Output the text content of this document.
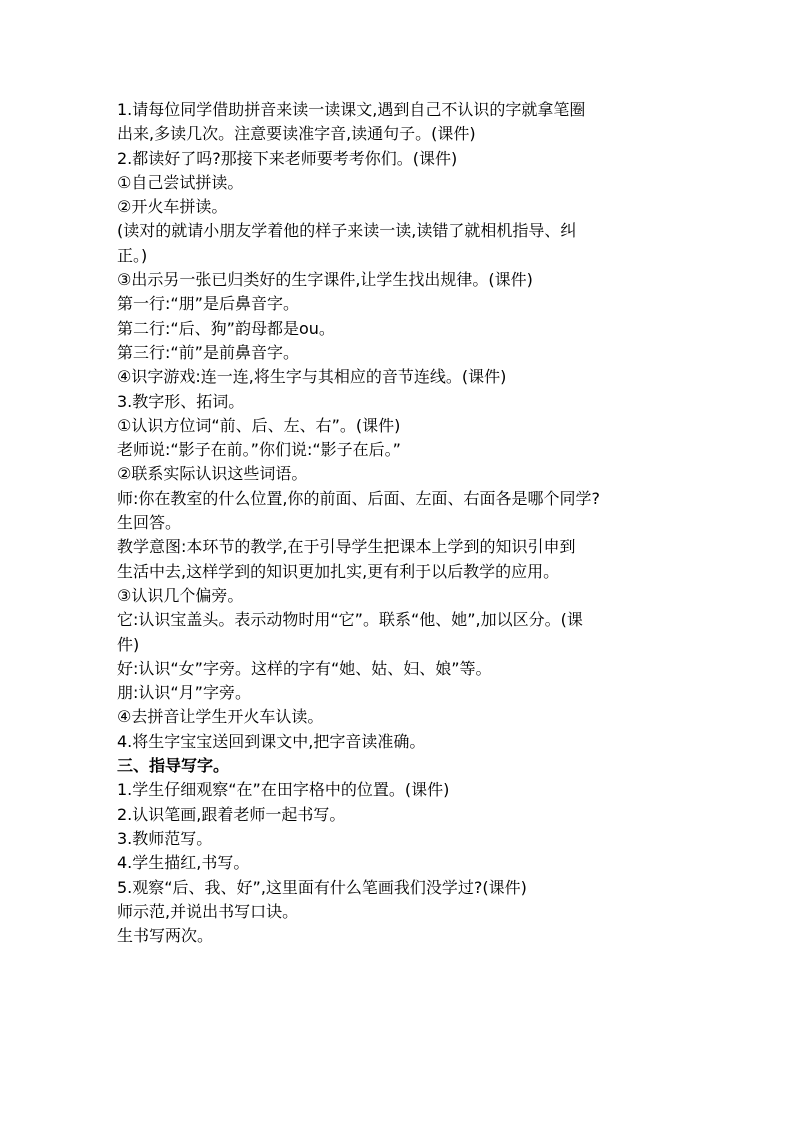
1.请每位同学借助拼音来读一读课文,遇到自己不认识的字就拿笔圈
出来,多读几次。注意要读准字音,读通句子。(课件)
2.都读好了吗?那接下来老师要考考你们。(课件)
①自己尝试拼读。
②开火车拼读。
(读对的就请小朋友学着他的样子来读一读,读错了就相机指导、纠
正。)
③出示另一张已归类好的生字课件,让学生找出规律。(课件)
第一行:“朋”是后鼻音字。
第二行:“后、狗”韵母都是ou。
第三行:“前”是前鼻音字。
④识字游戏:连一连,将生字与其相应的音节连线。(课件)
3.教字形、拓词。
①认识方位词“前、后、左、右”。(课件)
老师说:“影子在前。”你们说:“影子在后。”
②联系实际认识这些词语。
师:你在教室的什么位置,你的前面、后面、左面、右面各是哪个同学?
生回答。
教学意图:本环节的教学,在于引导学生把课本上学到的知识引申到
生活中去,这样学到的知识更加扎实,更有利于以后教学的应用。
③认识几个偏旁。
它:认识宝盖头。表示动物时用“它”。联系“他、她”,加以区分。(课
件)
好:认识“女”字旁。这样的字有“她、姑、妇、娘”等。
朋:认识“月”字旁。
④去拼音让学生开火车认读。
4.将生字宝宝送回到课文中,把字音读准确。
三、指导写字。
1.学生仔细观察“在”在田字格中的位置。(课件)
2.认识笔画,跟着老师一起书写。
3.教师范写。
4.学生描红,书写。
5.观察“后、我、好”,这里面有什么笔画我们没学过?(课件)
师示范,并说出书写口诀。
生书写两次。
